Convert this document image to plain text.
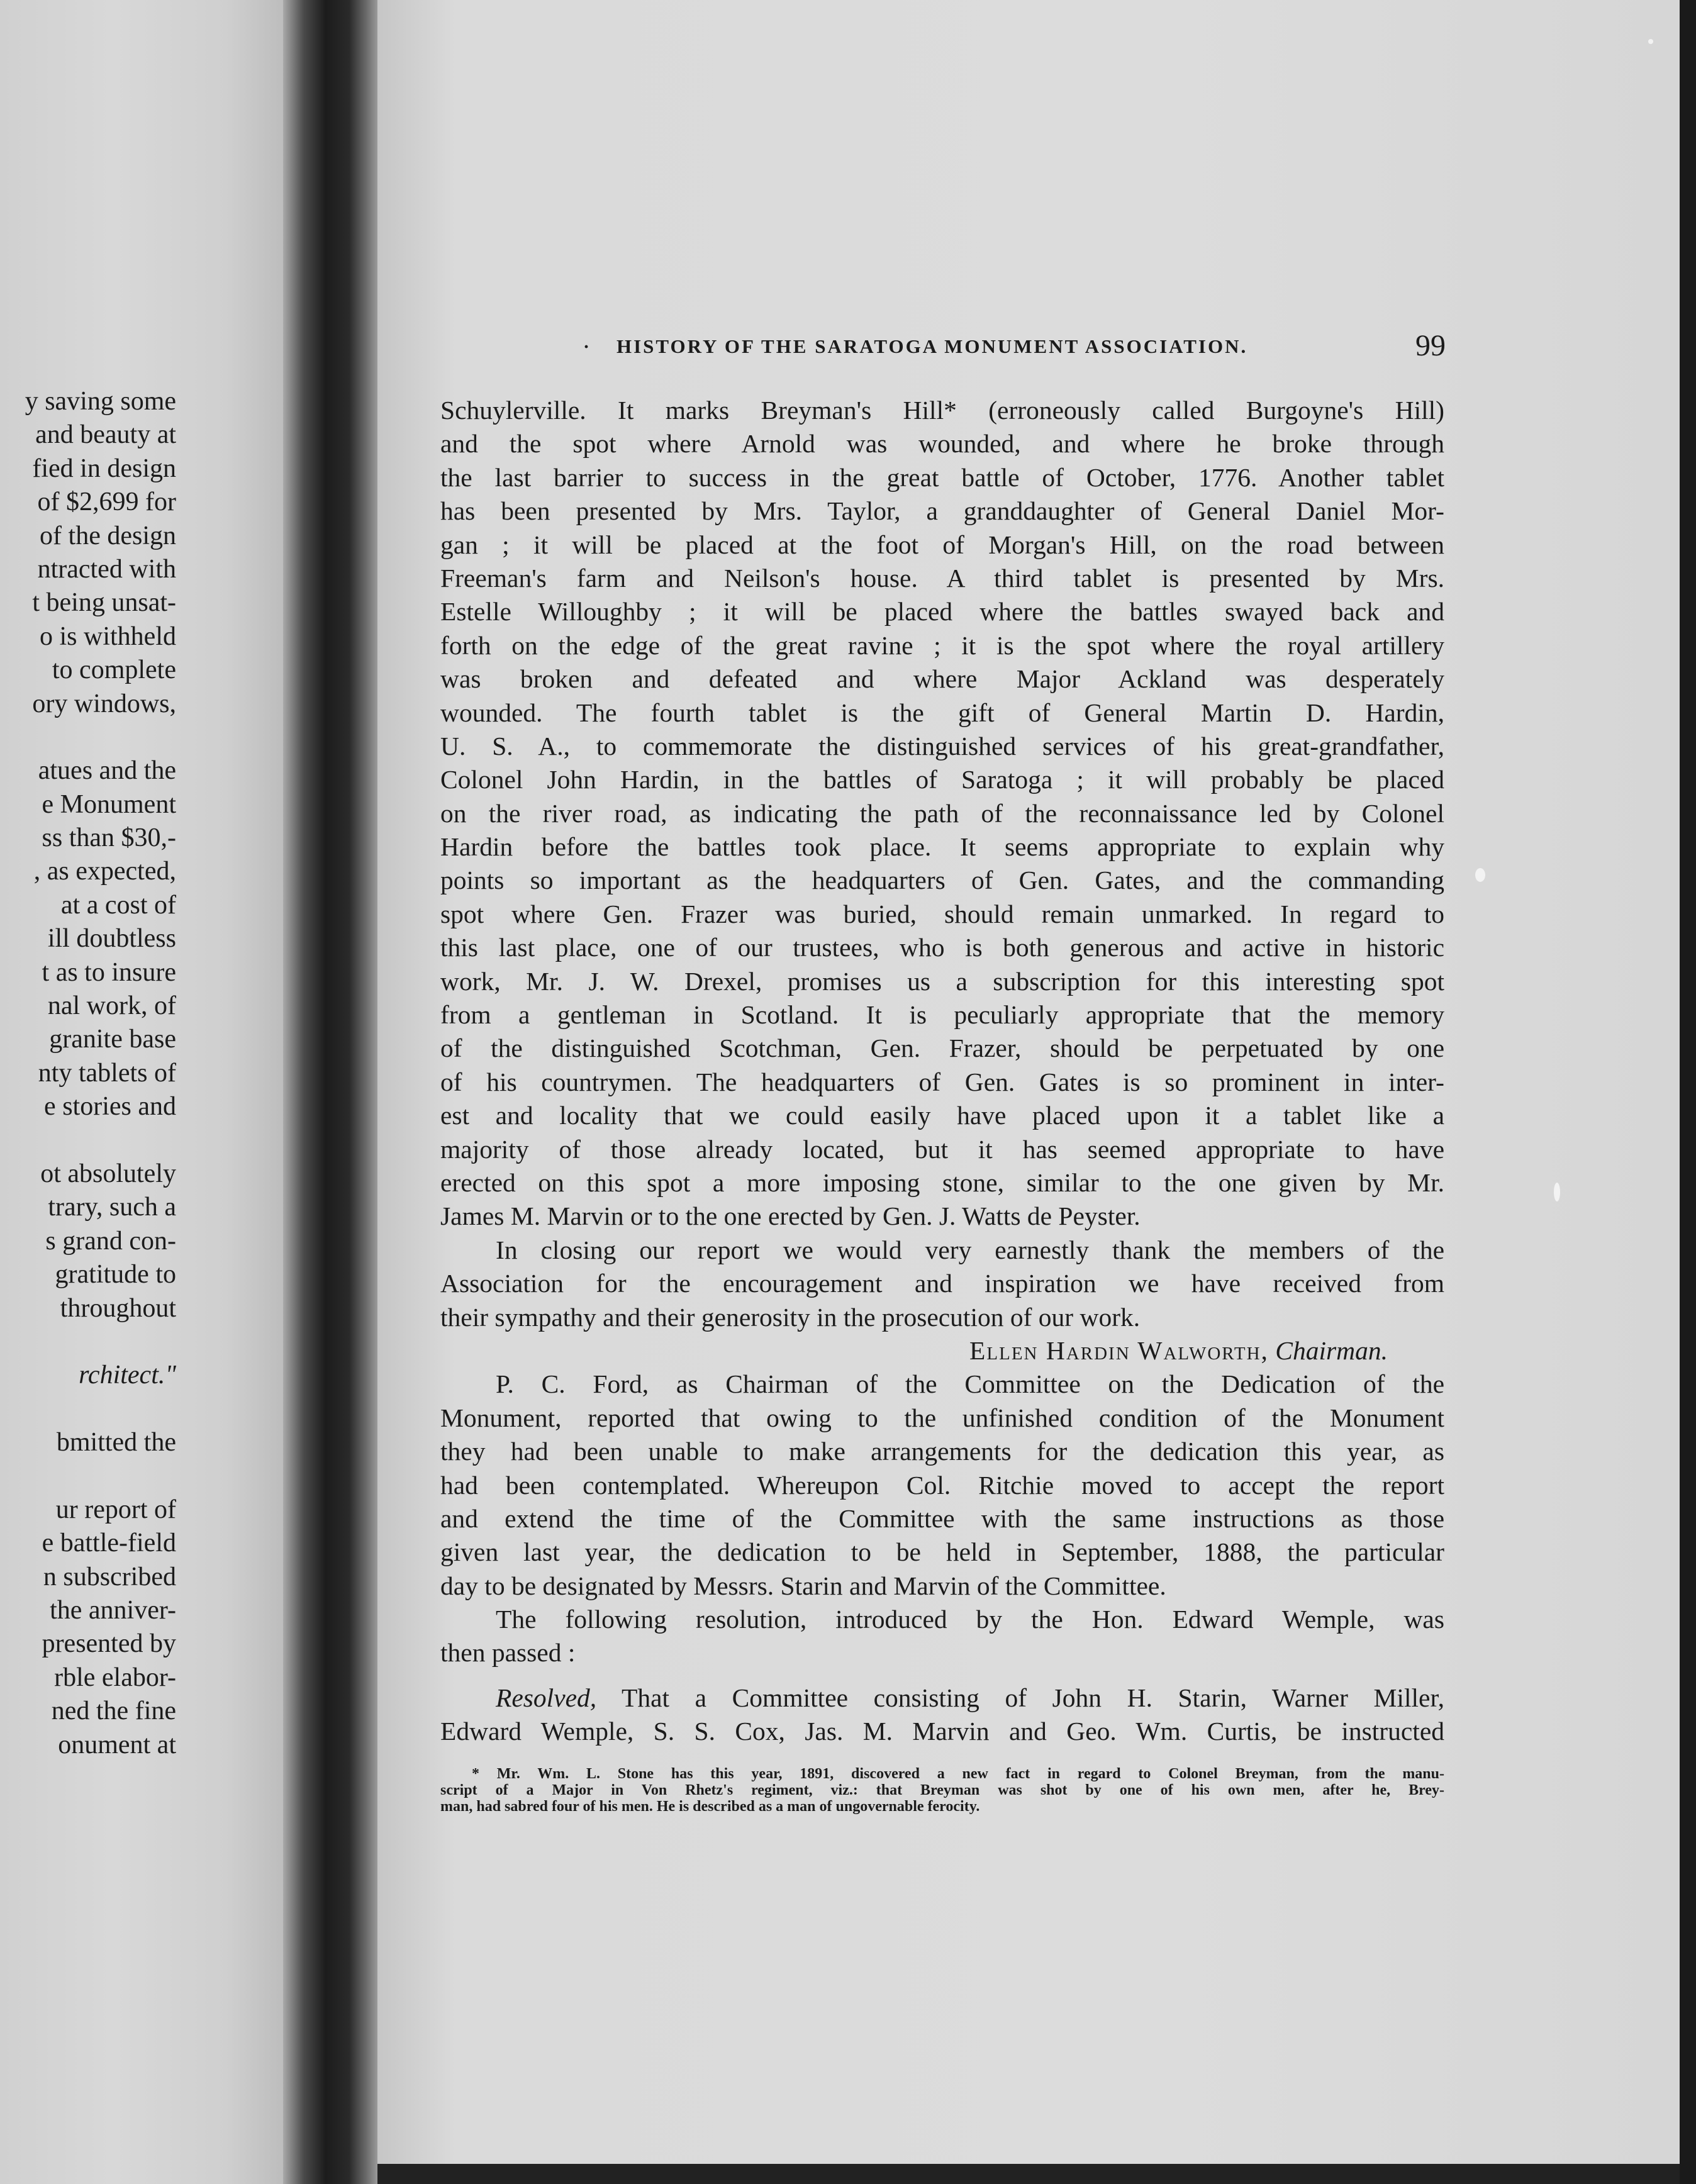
y saving some
and beauty at
fied in design
of $2,699 for
of the design
ntracted with
t being unsat-
o is withheld
to complete
ory windows,
atues and the
e Monument
ss than $30,-
, as expected,
at a cost of
ill doubtless
t as to insure
nal work, of
granite base
nty tablets of
e stories and
ot absolutely
trary, such a
s grand con-
gratitude to
throughout
rchitect."
bmitted the
ur report of
e battle-field
n subscribed
the anniver-
presented by
rble elabor-
ned the fine
onument at
· HISTORY OF THE SARATOGA MONUMENT ASSOCIATION.	99
Schuylerville. It marks Breyman's Hill* (erroneously called Burgoyne's Hill)
and the spot where Arnold was wounded, and where he broke through
the last barrier to success in the great battle of October, 1776. Another tablet
has been presented by Mrs. Taylor, a granddaughter of General Daniel Mor-
gan ; it will be placed at the foot of Morgan's Hill, on the road between
Freeman's farm and Neilson's house. A third tablet is presented by Mrs.
Estelle Willoughby ; it will be placed where the battles swayed back and
forth on the edge of the great ravine ; it is the spot where the royal artillery
was broken and defeated and where Major Ackland was desperately
wounded. The fourth tablet is the gift of General Martin D. Hardin,
U. S. A., to commemorate the distinguished services of his great-grandfather,
Colonel John Hardin, in the battles of Saratoga ; it will probably be placed
on the river road, as indicating the path of the reconnaissance led by Colonel
Hardin before the battles took place. It seems appropriate to explain why
points so important as the headquarters of Gen. Gates, and the commanding
spot where Gen. Frazer was buried, should remain unmarked. In regard to
this last place, one of our trustees, who is both generous and active in historic
work, Mr. J. W. Drexel, promises us a subscription for this interesting spot
from a gentleman in Scotland. It is peculiarly appropriate that the memory
of the distinguished Scotchman, Gen. Frazer, should be perpetuated by one
of his countrymen. The headquarters of Gen. Gates is so prominent in inter-
est and locality that we could easily have placed upon it a tablet like a
majority of those already located, but it has seemed appropriate to have
erected on this spot a more imposing stone, similar to the one given by Mr.
James M. Marvin or to the one erected by Gen. J. Watts de Peyster.
In closing our report we would very earnestly thank the members of the
Association for the encouragement and inspiration we have received from
their sympathy and their generosity in the prosecution of our work.
Ellen Hardin Walworth, Chairman.
P. C. Ford, as Chairman of the Committee on the Dedication of the
Monument, reported that owing to the unfinished condition of the Monument
they had been unable to make arrangements for the dedication this year, as
had been contemplated. Whereupon Col. Ritchie moved to accept the report
and extend the time of the Committee with the same instructions as those
given last year, the dedication to be held in September, 1888, the particular
day to be designated by Messrs. Starin and Marvin of the Committee.
The following resolution, introduced by the Hon. Edward Wemple, was
then passed :
Resolved, That a Committee consisting of John H. Starin, Warner Miller,
Edward Wemple, S. S. Cox, Jas. M. Marvin and Geo. Wm. Curtis, be instructed
* Mr. Wm. L. Stone has this year, 1891, discovered a new fact in regard to Colonel Breyman, from the manu-
script of a Major in Von Rhetz's regiment, viz.: that Breyman was shot by one of his own men, after he, Brey-
man, had sabred four of his men. He is described as a man of ungovernable ferocity.
